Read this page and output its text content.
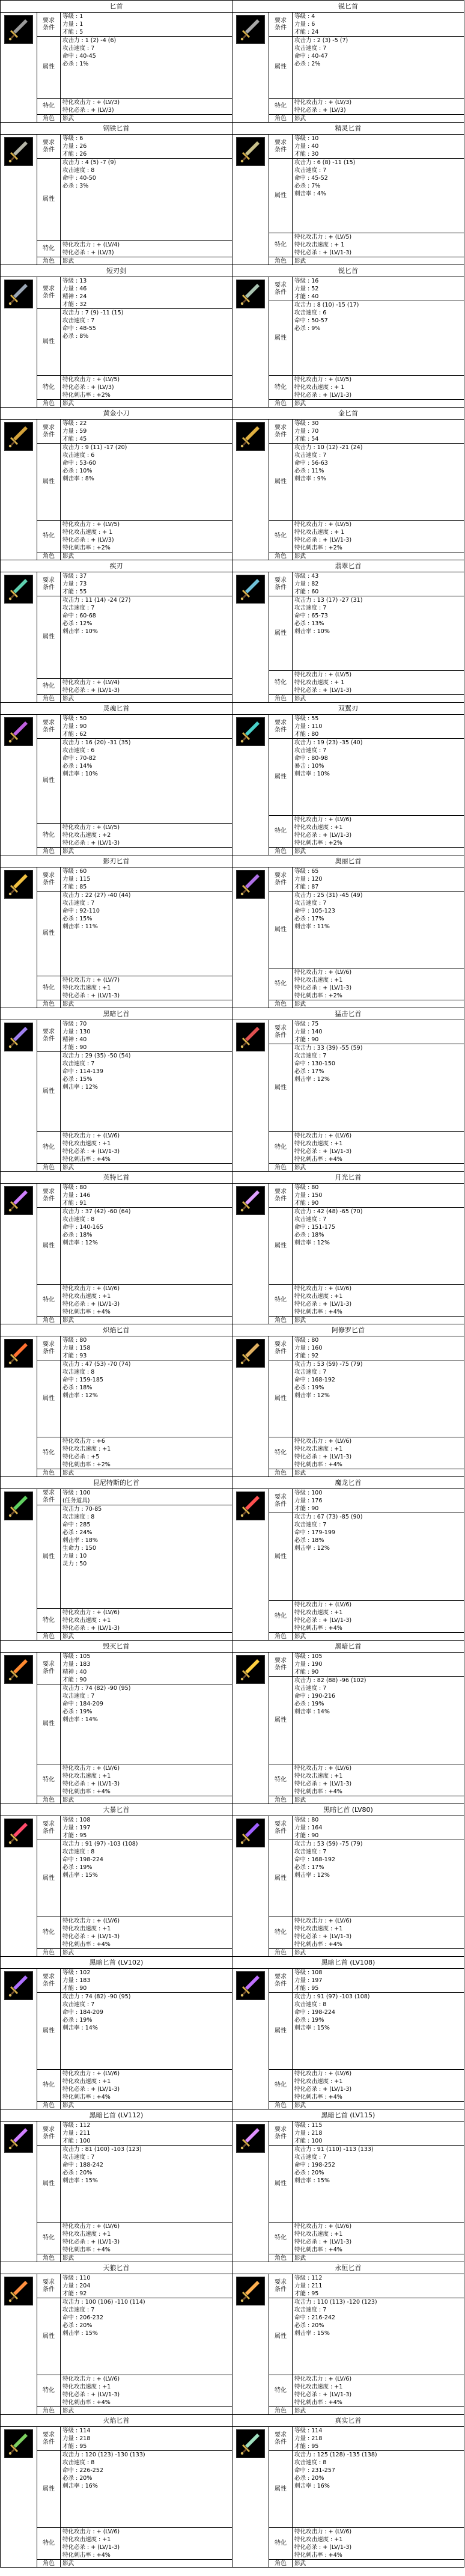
匕首
要求
条件
等级 : 1
力量 : 1
才能 : 5
属性
攻击力 : 1 (2) -4 (6)
攻击速度 : 7
命中 : 40-45
必杀 : 1%
特化
特化攻击力 : + (LV/3)
特化必杀 : + (LV/3)
角色	影武
锐匕首
要求
条件
等级 : 4
力量 : 6
才能 : 24
属性
攻击力 : 2 (3) -5 (7)
攻击速度 : 7
命中 : 40-47
必杀 : 2%
特化
特化攻击力 : + (LV/3)
特化必杀 : + (LV/3)
角色	影武
钢铁匕首
要求
条件
等级 : 6
力量 : 26
才能 : 26
属性
攻击力 : 4 (5) -7 (9)
攻击速度 : 8
命中 : 40-50
必杀 : 3%
特化
特化攻击力 : + (LV/4)
特化必杀 : + (LV/3)
角色	影武
精灵匕首
要求
条件
等级 : 10
力量 : 40
才能 : 30
属性
攻击力 : 6 (8) -11 (15)
攻击速度 : 7
命中 : 45-52
必杀 : 7%
刺击率 : 4%
特化
特化攻击力 : + (LV/5)
特化攻击速度 : + 1
特化必杀 : + (LV/1-3)
角色	影武
短刃剑
要求
条件
等级 : 13
力量 : 46
精神 : 24
才能 : 32
属性
攻击力 : 7 (9) -11 (15)
攻击速度 : 7
命中 : 48-55
必杀 : 8%
特化
特化攻击力 : + (LV/5)
特化必杀 : + (LV/3)
特化刺击率 : +2%
角色	影武
锐匕首
要求
条件
等级 : 16
力量 : 52
才能 : 40
属性
攻击力 : 8 (10) -15 (17)
攻击速度 : 6
命中 : 50-57
必杀 : 9%
特化
特化攻击力 : + (LV/5)
特化攻击速度 : + 1
特化必杀 : + (LV/1-3)
角色	影武
黄金小刀
要求
条件
等级 : 22
力量 : 59
才能 : 45
属性
攻击力 : 9 (11) -17 (20)
攻击速度 : 6
命中 : 53-60
必杀 : 10%
刺击率 : 8%
特化
特化攻击力 : + (LV/5)
特化攻击速度 : + 1
特化必杀 : + (LV/3)
特化刺击率 : +2%
角色	影武
金匕首
要求
条件
等级 : 30
力量 : 70
才能 : 54
属性
攻击力 : 10 (12) -21 (24)
攻击速度 : 7
命中 : 56-63
必杀 : 11%
刺击率 : 9%
特化
特化攻击力 : + (LV/5)
特化攻击速度 : + 1
特化必杀 : + (LV/1-3)
特化刺击率 : +2%
角色	影武
疾刃
要求
条件
等级 : 37
力量 : 73
才能 : 55
属性
攻击力 : 11 (14) -24 (27)
攻击速度 : 7
命中 : 60-68
必杀 : 12%
刺击率 : 10%
特化
特化攻击力 : + (LV/4)
特化必杀 : + (LV/1-3)
角色	影武
翡翠匕首
要求
条件
等级 : 43
力量 : 82
才能 : 60
属性
攻击力 : 13 (17) -27 (31)
攻击速度 : 7
命中 : 65-73
必杀 : 13%
刺击率 : 10%
特化
特化攻击力 : + (LV/5)
特化攻击速度 : + 1
特化必杀 : + (LV/1-3)
角色	影武
灵魂匕首
要求
条件
等级 : 50
力量 : 90
才能 : 62
属性
攻击力 : 16 (20) -31 (35)
攻击速度 : 6
命中 : 70-82
必杀 : 14%
刺击率 : 10%
特化
特化攻击力 : + (LV/5)
特化攻击速度 : +2
特化必杀 : + (LV/1-3)
角色	影武
双翼刃
要求
条件
等级 : 55
力量 : 110
才能 : 80
属性
攻击力 : 19 (23) -35 (40)
攻击速度 : 7
命中 : 80-98
暴击 : 10%
刺击率 : 10%
特化
特化攻击力 : + (LV/6)
特化攻击速度 : +1
特化必杀 : + (LV/1-3)
特化刺击率 : +2%
角色	影武
影刃匕首
要求
条件
等级 : 60
力量 : 115
才能 : 85
属性
攻击力 : 22 (27) -40 (44)
攻击速度 : 7
命中 : 92-110
必杀 : 15%
刺击率 : 11%
特化
特化攻击力 : + (LV/7)
特化攻击速度 : +1
特化必杀 : + (LV/1-3)
角色	影武
奥丽匕首
要求
条件
等级 : 65
力量 : 120
才能 : 87
属性
攻击力 : 25 (31) -45 (49)
攻击速度 : 7
命中 : 105-123
必杀 : 17%
刺击率 : 11%
特化
特化攻击力 : + (LV/6)
特化攻击速度 : +1
特化必杀 : + (LV/1-3)
特化刺击率 : +2%
角色	影武
黑暗匕首
要求
条件
等级 : 70
力量 : 130
精神 : 40
才能 : 90
属性
攻击力 : 29 (35) -50 (54)
攻击速度 : 7
命中 : 114-139
必杀 : 15%
刺击率 : 12%
特化
特化攻击力 : + (LV/6)
特化攻击速度 : +1
特化必杀 : + (LV/1-3)
特化刺击率 : +4%
角色	影武
猛击匕首
要求
条件
等级 : 75
力量 : 140
才能 : 90
属性
攻击力 : 33 (39) -55 (59)
攻击速度 : 7
命中 : 130-150
必杀 : 17%
刺击率 : 12%
特化
特化攻击力 : + (LV/6)
特化攻击速度 : +1
特化必杀 : + (LV/1-3)
特化刺击率 : +4%
角色	影武
英特匕首
要求
条件
等级 : 80
力量 : 146
才能 : 91
属性
攻击力 : 37 (42) -60 (64)
攻击速度 : 8
命中 : 140-165
必杀 : 18%
刺击率 : 12%
特化
特化攻击力 : + (LV/6)
特化攻击速度 : +1
特化必杀 : + (LV/1-3)
特化刺击率 : +4%
角色	影武
月光匕首
要求
条件
等级 : 80
力量 : 150
才能 : 90
属性
攻击力 : 42 (48) -65 (70)
攻击速度 : 7
命中 : 151-175
必杀 : 18%
刺击率 : 12%
特化
特化攻击力 : + (LV/6)
特化攻击速度 : +1
特化必杀 : + (LV/1-3)
特化刺击率 : +4%
角色	影武
炽焰匕首
要求
条件
等级 : 80
力量 : 158
才能 : 93
属性
攻击力 : 47 (53) -70 (74)
攻击速度 : 8
命中 : 159-185
必杀 : 18%
刺击率 : 12%
特化
特化攻击力 : +6
特化攻击速度 : +1
特化必杀 : +5
特化刺击率 : +2%
角色	影武
阿修罗匕首
要求
条件
等级 : 80
力量 : 160
才能 : 92
属性
攻击力 : 53 (59) -75 (79)
攻击速度 : 7
命中 : 168-192
必杀 : 19%
刺击率 : 12%
特化
特化攻击力 : + (LV/6)
特化攻击速度 : +1
特化必杀 : + (LV/1-3)
特化刺击率 : +4%
角色	影武
昆尼特斯的匕首
要求
条件
等级 : 100
(任务道具)
属性
攻击力 : 70-85
攻击速度 : 8
命中 : 285
必杀 : 24%
刺击率 : 18%
生命力 : 150
力量 : 10
灵力 : 50
特化
特化攻击力 : + (LV/6)
特化攻击速度 : +1
特化必杀 : + (LV/1-3)
角色	影武
魔龙匕首
要求
条件
等级 : 100
力量 : 176
才能 : 90
属性
攻击力 : 67 (73) -85 (90)
攻击速度 : 7
命中 : 179-199
必杀 : 18%
刺击率 : 12%
特化
特化攻击力 : + (LV/6)
特化攻击速度 : +1
特化必杀 : + (LV/1-3)
特化刺击率 : +4%
角色	影武
毁灭匕首
要求
条件
等级 : 105
力量 : 183
精神 : 40
才能 : 90
属性
攻击力 : 74 (82) -90 (95)
攻击速度 : 7
命中 : 184-209
必杀 : 19%
刺击率 : 14%
特化
特化攻击力 : + (LV/6)
特化攻击速度 : +1
特化必杀 : + (LV/1-3)
特化刺击率 : +4%
角色	影武
黑暗匕首
要求
条件
等级 : 105
力量 : 190
才能 : 90
属性
攻击力 : 82 (88) -96 (102)
攻击速度 : 7
命中 : 190-216
必杀 : 19%
刺击率 : 14%
特化
特化攻击力 : + (LV/6)
特化攻击速度 : +1
特化必杀 : + (LV/1-3)
特化刺击率 : +4%
角色	影武
大暴匕首
要求
条件
等级 : 108
力量 : 197
才能 : 95
属性
攻击力 : 91 (97) -103 (108)
攻击速度 : 8
命中 : 198-224
必杀 : 19%
刺击率 : 15%
特化
特化攻击力 : + (LV/6)
特化攻击速度 : +1
特化必杀 : + (LV/1-3)
特化刺击率 : +4%
角色	影武
黑暗匕首 (LV80)
要求
条件
等级 : 80
力量 : 164
才能 : 90
属性
攻击力 : 53 (59) -75 (79)
攻击速度 : 7
命中 : 168-192
必杀 : 17%
刺击率 : 12%
特化
特化攻击力 : + (LV/6)
特化攻击速度 : +1
特化必杀 : + (LV/1-3)
特化刺击率 : +4%
角色	影武
黑暗匕首 (LV102)
要求
条件
等级 : 102
力量 : 183
才能 : 90
属性
攻击力 : 74 (82) -90 (95)
攻击速度 : 7
命中 : 184-209
必杀 : 19%
刺击率 : 14%
特化
特化攻击力 : + (LV/6)
特化攻击速度 : +1
特化必杀 : + (LV/1-3)
特化刺击率 : +4%
角色	影武
黑暗匕首 (LV108)
要求
条件
等级 : 108
力量 : 197
才能 : 95
属性
攻击力 : 91 (97) -103 (108)
攻击速度 : 8
命中 : 198-224
必杀 : 19%
刺击率 : 15%
特化
特化攻击力 : + (LV/6)
特化攻击速度 : +1
特化必杀 : + (LV/1-3)
特化刺击率 : +4%
角色	影武
黑暗匕首 (LV112)
要求
条件
等级 : 112
力量 : 211
才能 : 100
属性
攻击力 : 81 (100) -103 (123)
攻击速度 : 7
命中 : 188-242
必杀 : 20%
刺击率 : 15%
特化
特化攻击力 : + (LV/6)
特化攻击速度 : +1
特化必杀 : + (LV/1-3)
特化刺击率 : +4%
角色	影武
黑暗匕首 (LV115)
要求
条件
等级 : 115
力量 : 218
才能 : 100
属性
攻击力 : 91 (110) -113 (133)
攻击速度 : 7
命中 : 198-252
必杀 : 20%
刺击率 : 15%
特化
特化攻击力 : + (LV/6)
特化攻击速度 : +1
特化必杀 : + (LV/1-3)
特化刺击率 : +4%
角色	影武
天狼匕首
要求
条件
等级 : 110
力量 : 204
才能 : 92
属性
攻击力 : 100 (106) -110 (114)
攻击速度 : 7
命中 : 206-232
必杀 : 20%
刺击率 : 15%
特化
特化攻击力 : + (LV/6)
特化攻击速度 : +1
特化必杀 : + (LV/1-3)
特化刺击率 : +4%
角色	影武
永恒匕首
要求
条件
等级 : 112
力量 : 211
才能 : 95
属性
攻击力 : 110 (113) -120 (123)
攻击速度 : 7
命中 : 216-242
必杀 : 20%
刺击率 : 15%
特化
特化攻击力 : + (LV/6)
特化攻击速度 : +1
特化必杀 : + (LV/1-3)
特化刺击率 : +4%
角色	影武
火焰匕首
要求
条件
等级 : 114
力量 : 218
才能 : 95
属性
攻击力 : 120 (123) -130 (133)
攻击速度 : 8
命中 : 226-252
必杀 : 20%
刺击率 : 16%
特化
特化攻击力 : + (LV/6)
特化攻击速度 : +1
特化必杀 : + (LV/1-3)
特化刺击率 : +4%
角色	影武
真实匕首
要求
条件
等级 : 114
力量 : 218
才能 : 95
属性
攻击力 : 125 (128) -135 (138)
攻击速度 : 8
命中 : 231-257
必杀 : 20%
刺击率 : 16%
特化
特化攻击力 : + (LV/6)
特化攻击速度 : +1
特化必杀 : + (LV/1-3)
特化刺击率 : +4%
角色	影武
